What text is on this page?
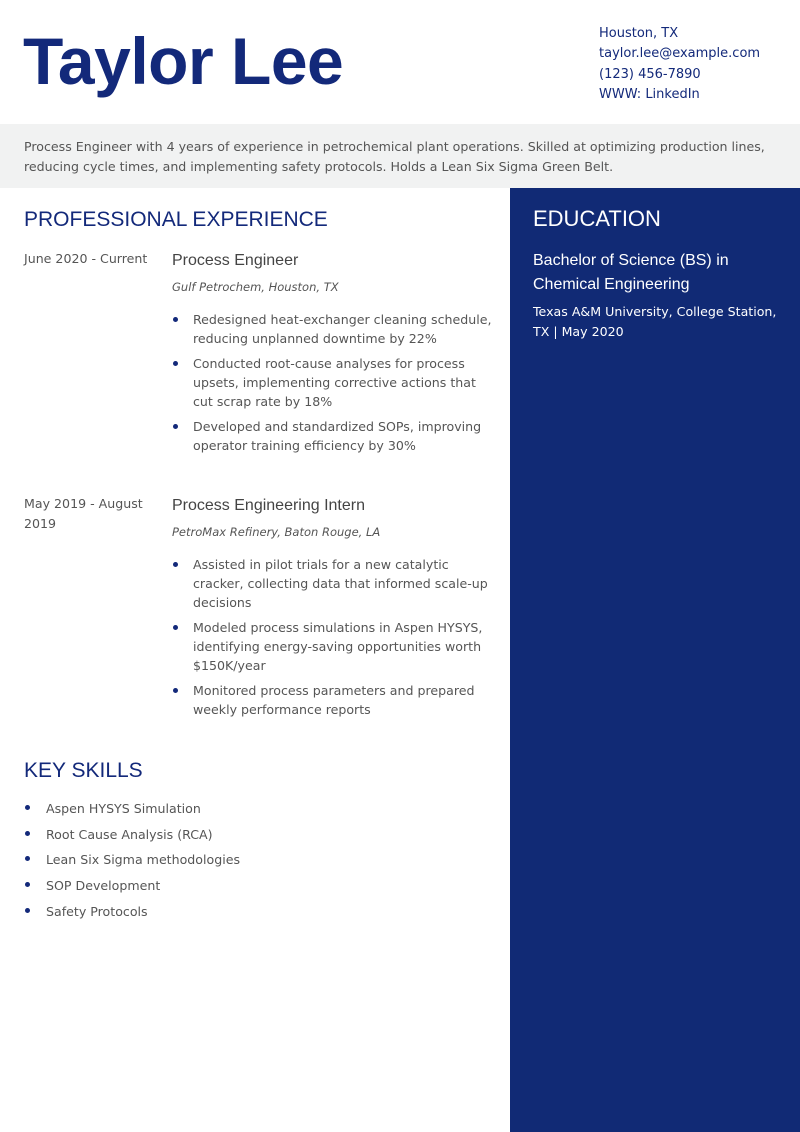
Taylor Lee	Houston, TX
taylor.lee@example.com
(123) 456-7890
WWW: LinkedIn

Process Engineer with 4 years of experience in petrochemical plant operations. Skilled at optimizing production lines, reducing cycle times, and implementing safety protocols. Holds a Lean Six Sigma Green Belt.

EDUCATION
Bachelor of Science (BS) in Chemical Engineering
Texas A&M University, College Station, TX | May 2020
PROFESSIONAL EXPERIENCE
June 2020 - Current	Process Engineer
Gulf Petrochem, Houston, TX
Redesigned heat-exchanger cleaning schedule, reducing unplanned downtime by 22%
Conducted root-cause analyses for process upsets, implementing corrective actions that cut scrap rate by 18%
Developed and standardized SOPs, improving operator training efficiency by 30%
May 2019 - August 2019
Process Engineering Intern
PetroMax Refinery, Baton Rouge, LA
Assisted in pilot trials for a new catalytic cracker, collecting data that informed scale-up decisions
Modeled process simulations in Aspen HYSYS, identifying energy-saving opportunities worth $150K/year
Monitored process parameters and prepared weekly performance reports
KEY SKILLS
Aspen HYSYS Simulation
Root Cause Analysis (RCA)
Lean Six Sigma methodologies
SOP Development
Safety Protocols
